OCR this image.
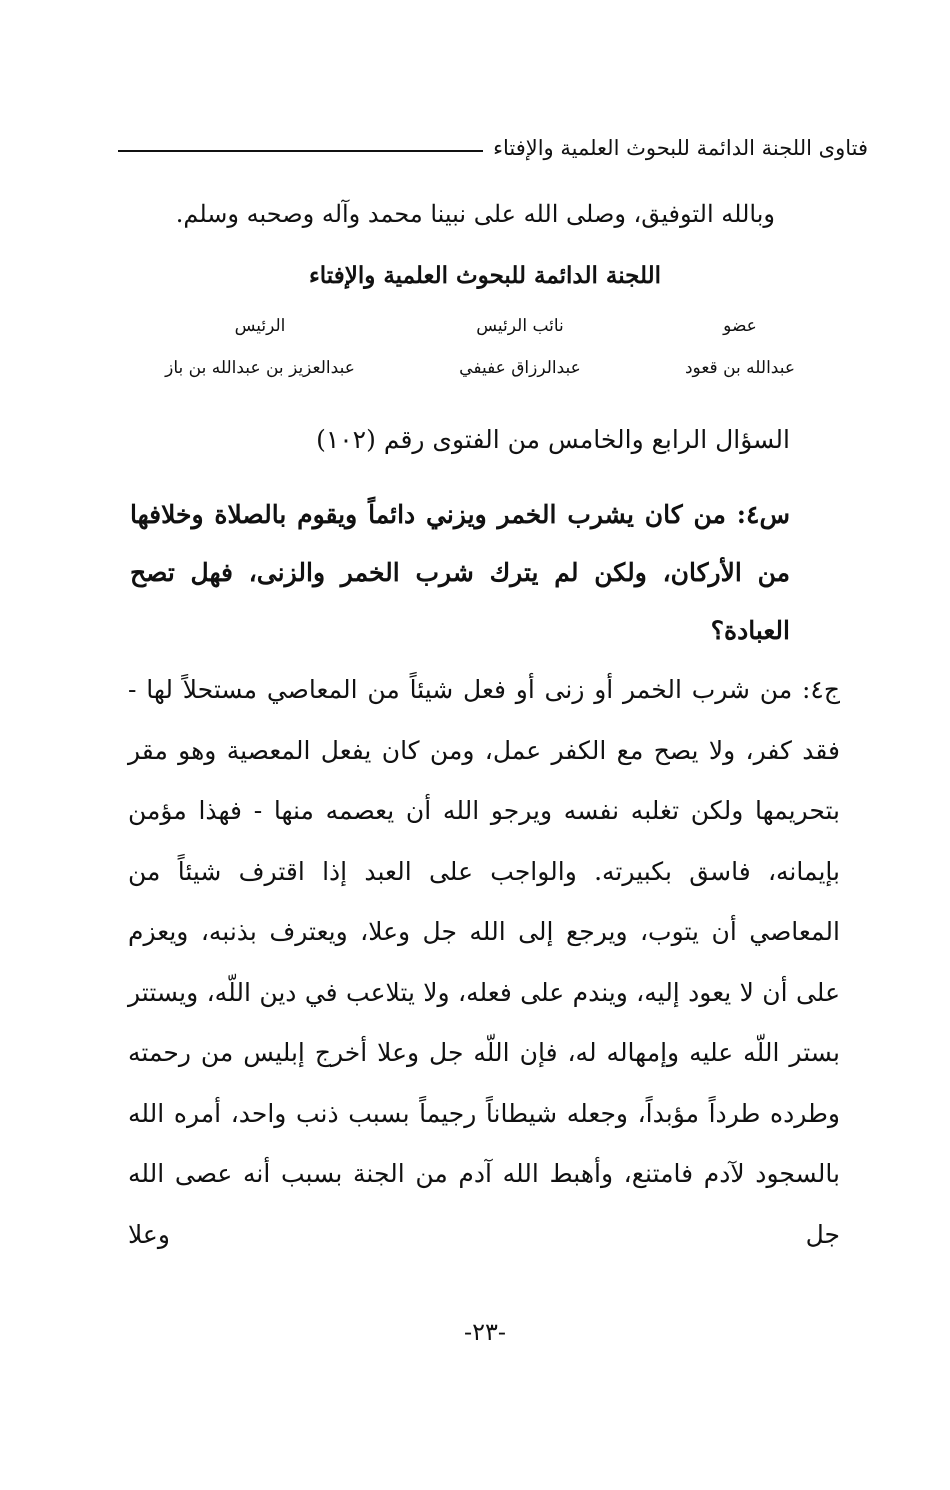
فتاوى اللجنة الدائمة للبحوث العلمية والإفتاء
وبالله التوفيق، وصلى الله على نبينا محمد وآله وصحبه وسلم.
اللجنة الدائمة للبحوث العلمية والإفتاء
عضو
نائب الرئيس
الرئيس
عبدالله بن قعود
عبدالرزاق عفيفي
عبدالعزيز بن عبدالله بن باز
السؤال الرابع والخامس من الفتوى رقم (١٠٢)
س٤: من كان يشرب الخمر ويزني دائماً ويقوم بالصلاة وخلافها من الأركان، ولكن لم يترك شرب الخمر والزنى، فهل تصح العبادة؟
ج٤: من شرب الخمر أو زنى أو فعل شيئاً من المعاصي مستحلاً لها - فقد كفر، ولا يصح مع الكفر عمل، ومن كان يفعل المعصية وهو مقر بتحريمها ولكن تغلبه نفسه ويرجو الله أن يعصمه منها - فهذا مؤمن بإيمانه، فاسق بكبيرته. والواجب على العبد إذا اقترف شيئاً من المعاصي أن يتوب، ويرجع إلى الله جل وعلا، ويعترف بذنبه، ويعزم على أن لا يعود إليه، ويندم على فعله، ولا يتلاعب في دين اللّه، ويستتر بستر اللّه عليه وإمهاله له، فإن اللّه جل وعلا أخرج إبليس من رحمته وطرده طرداً مؤبداً، وجعله شيطاناً رجيماً بسبب ذنب واحد، أمره الله بالسجود لآدم فامتنع، وأهبط الله آدم من الجنة بسبب أنه عصى الله جل وعلا
-٢٣-
